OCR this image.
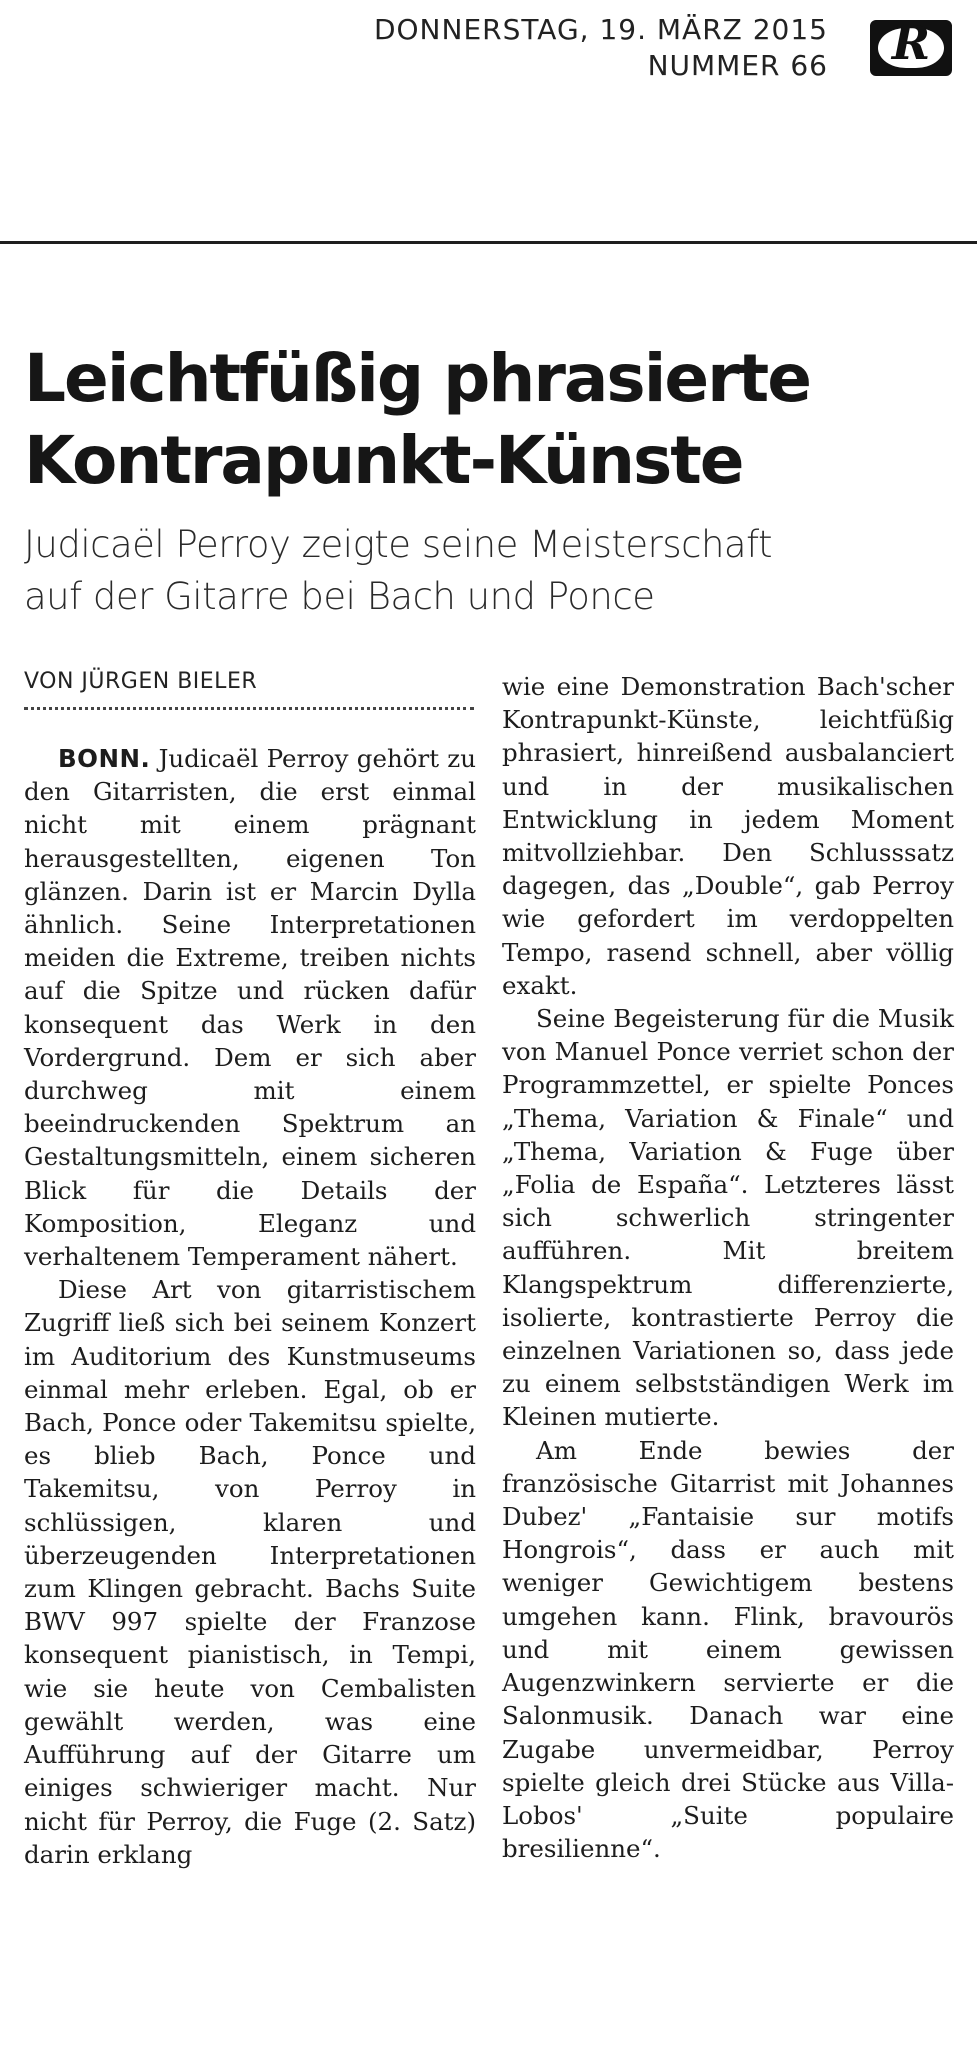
DONNERSTAG, 19. MÄRZ 2015
NUMMER 66	R
Leichtfüßig phrasierte
Kontrapunkt-Künste
Judicaël Perroy zeigte seine Meisterschaft
auf der Gitarre bei Bach und Ponce
VON JÜRGEN BIELER

BONN. Judicaël Perroy gehört zu den Gitarristen, die erst einmal nicht mit einem prägnant herausgestellten, eigenen Ton glänzen. Darin ist er Marcin Dylla ähnlich. Seine Interpretationen meiden die Extreme, treiben nichts auf die Spitze und rücken dafür konsequent das Werk in den Vordergrund. Dem er sich aber durchweg mit einem beeindruckenden Spektrum an Gestaltungsmitteln, einem sicheren Blick für die Details der Komposition, Eleganz und verhaltenem Temperament nähert.

Diese Art von gitarristischem Zugriff ließ sich bei seinem Konzert im Auditorium des Kunstmuseums einmal mehr erleben. Egal, ob er Bach, Ponce oder Takemitsu spielte, es blieb Bach, Ponce und Takemitsu, von Perroy in schlüssigen, klaren und überzeugenden Interpretationen zum Klingen gebracht. Bachs Suite BWV 997 spielte der Franzose konsequent pianistisch, in Tempi, wie sie heute von Cembalisten gewählt werden, was eine Aufführung auf der Gitarre um einiges schwieriger macht. Nur nicht für Perroy, die Fuge (2. Satz) darin erklang

wie eine Demonstration Bach'scher Kontrapunkt-Künste, leichtfüßig phrasiert, hinreißend ausbalanciert und in der musikalischen Entwicklung in jedem Moment mitvollziehbar. Den Schlusssatz dagegen, das „Double“, gab Perroy wie gefordert im verdoppelten Tempo, rasend schnell, aber völlig exakt.

Seine Begeisterung für die Musik von Manuel Ponce verriet schon der Programmzettel, er spielte Ponces „Thema, Variation & Finale“ und „Thema, Variation & Fuge über „Folia de España“. Letzteres lässt sich schwerlich stringenter aufführen. Mit breitem Klangspektrum differenzierte, isolierte, kontrastierte Perroy die einzelnen Variationen so, dass jede zu einem selbstständigen Werk im Kleinen mutierte.

Am Ende bewies der französische Gitarrist mit Johannes Dubez' „Fantaisie sur motifs Hongrois“, dass er auch mit weniger Gewichtigem bestens umgehen kann. Flink, bravourös und mit einem gewissen Augenzwinkern servierte er die Salonmusik. Danach war eine Zugabe unvermeidbar, Perroy spielte gleich drei Stücke aus Villa-Lobos' „Suite populaire bresilienne“.
